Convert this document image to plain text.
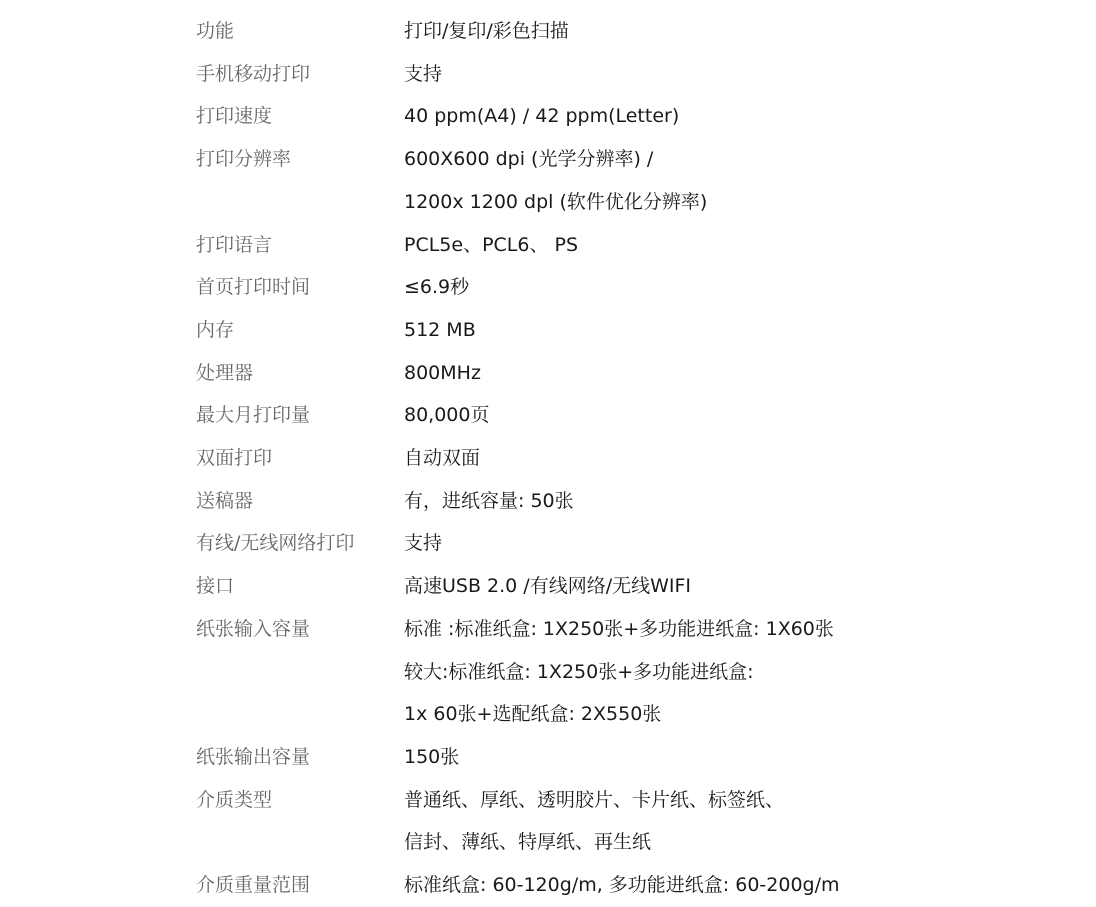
功能	打印/复印/彩色扫描
手机移动打印	支持
打印速度	40 ppm(A4) / 42 ppm(Letter)
打印分辨率	600X600 dpi (光学分辨率) /
1200x 1200 dpl (软件优化分辨率)
打印语言	PCL5e、PCL6、 PS
首页打印时间	≤6.9秒
内存	512 MB
处理器	800MHz
最大月打印量	80,000页
双面打印	自动双面
送稿器	有，进纸容量: 50张
有线/无线网络打印	支持
接口	高速USB 2.0 /有线网络/无线WIFI
纸张输入容量	标准 :标准纸盒: 1X250张+多功能进纸盒: 1X60张
较大:标准纸盒: 1X250张+多功能进纸盒:
1x 60张+选配纸盒: 2X550张
纸张输出容量	150张
介质类型	普通纸、厚纸、透明胶片、卡片纸、标签纸、
信封、薄纸、特厚纸、再生纸
介质重量范围	标准纸盒: 60-120g/m, 多功能进纸盒: 60-200g/m
